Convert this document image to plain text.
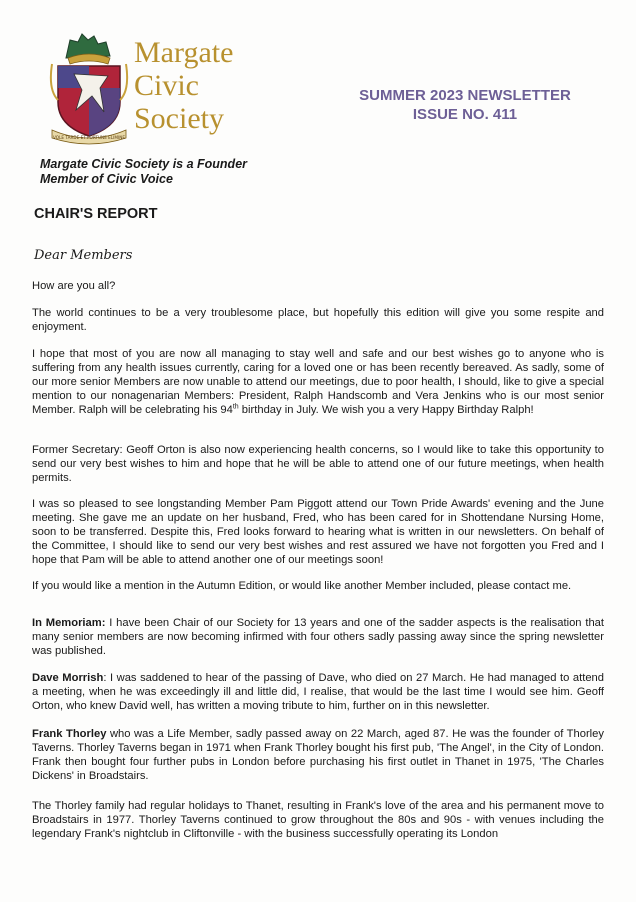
VOLE TARDE ET FORTUNE ELIMINE
Margate
Civic
Society
SUMMER 2023 NEWSLETTER
ISSUE NO. 411
Margate Civic Society is a Founder
Member of Civic Voice
CHAIR'S REPORT
Dear Members
How are you all?
The world continues to be a very troublesome place, but hopefully this edition will give you some respite and enjoyment.
I hope that most of you are now all managing to stay well and safe and our best wishes go to anyone who is suffering from any health issues currently, caring for a loved one or has been recently bereaved. As sadly, some of our more senior Members are now unable to attend our meetings, due to poor health, I should, like to give a special mention to our nonagenarian Members: President, Ralph Handscomb and Vera Jenkins who is our most senior Member. Ralph will be celebrating his 94th birthday in July. We wish you a very Happy Birthday Ralph!
Former Secretary: Geoff Orton is also now experiencing health concerns, so I would like to take this opportunity to send our very best wishes to him and hope that he will be able to attend one of our future meetings, when health permits.
I was so pleased to see longstanding Member Pam Piggott attend our Town Pride Awards' evening and the June meeting. She gave me an update on her husband, Fred, who has been cared for in Shottendane Nursing Home, soon to be transferred. Despite this, Fred looks forward to hearing what is written in our newsletters. On behalf of the Committee, I should like to send our very best wishes and rest assured we have not forgotten you Fred and I hope that Pam will be able to attend another one of our meetings soon!
If you would like a mention in the Autumn Edition, or would like another Member included, please contact me.
In Memoriam: I have been Chair of our Society for 13 years and one of the sadder aspects is the realisation that many senior members are now becoming infirmed with four others sadly passing away since the spring newsletter was published.
Dave Morrish: I was saddened to hear of the passing of Dave, who died on 27 March. He had managed to attend a meeting, when he was exceedingly ill and little did, I realise, that would be the last time I would see him. Geoff Orton, who knew David well, has written a moving tribute to him, further on in this newsletter.
Frank Thorley who was a Life Member, sadly passed away on 22 March, aged 87. He was the founder of Thorley Taverns. Thorley Taverns began in 1971 when Frank Thorley bought his first pub, 'The Angel', in the City of London. Frank then bought four further pubs in London before purchasing his first outlet in Thanet in 1975, 'The Charles Dickens' in Broadstairs.
The Thorley family had regular holidays to Thanet, resulting in Frank's love of the area and his permanent move to Broadstairs in 1977. Thorley Taverns continued to grow throughout the 80s and 90s - with venues including the legendary Frank's nightclub in Cliftonville - with the business successfully operating its London
